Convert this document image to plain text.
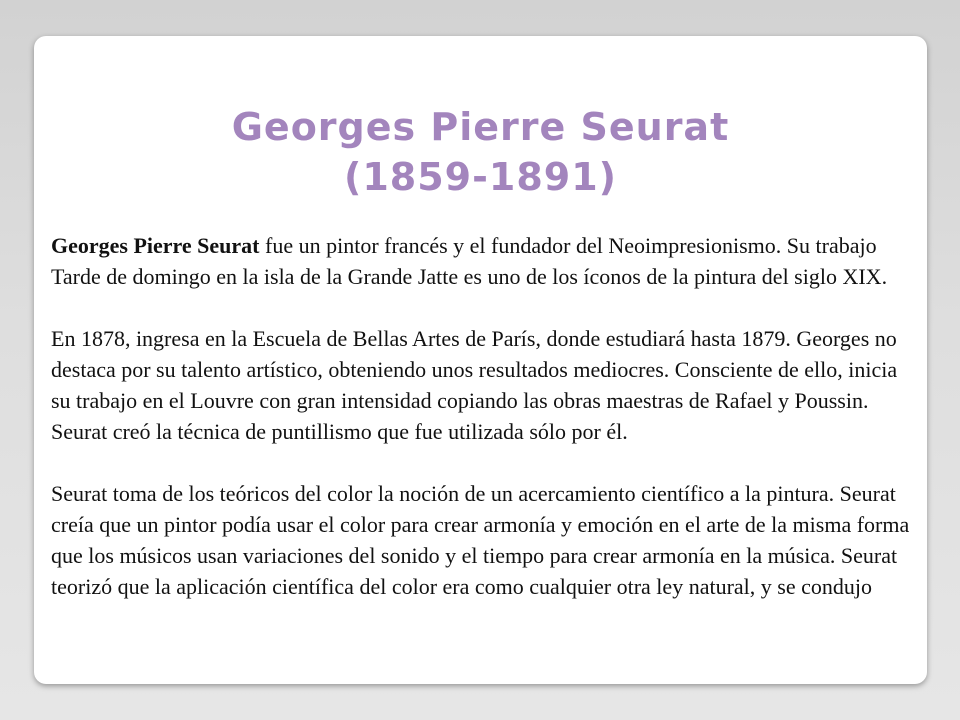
Georges Pierre Seurat
(1859-1891)

Georges Pierre Seurat fue un pintor francés y el fundador del Neoimpresionismo. Su trabajo Tarde de domingo en la isla de la Grande Jatte es uno de los íconos de la pintura del siglo XIX.

En 1878, ingresa en la Escuela de Bellas Artes de París, donde estudiará hasta 1879. Georges no destaca por su talento artístico, obteniendo unos resultados mediocres. Consciente de ello, inicia su trabajo en el Louvre con gran intensidad copiando las obras maestras de Rafael y Poussin. Seurat creó la técnica de puntillismo que fue utilizada sólo por él.

Seurat toma de los teóricos del color la noción de un acercamiento científico a la pintura. Seurat creía que un pintor podía usar el color para crear armonía y emoción en el arte de la misma forma que los músicos usan variaciones del sonido y el tiempo para crear armonía en la música. Seurat teorizó que la aplicación científica del color era como cualquier otra ley natural, y se condujo
